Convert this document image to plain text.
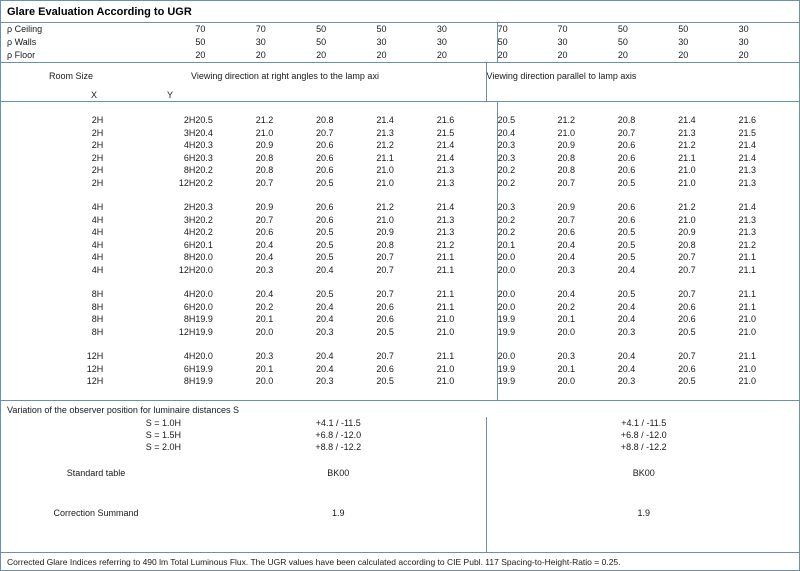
Glare Evaluation According to UGR
ρ Ceiling	70	70	50	50	30	70	70	50	50	30
ρ Walls	50	30	50	30	30	50	30	50	30	30
ρ Floor	20	20	20	20	20	20	20	20	20	20
Room Size		Viewing direction at right angles to the lamp axi	Viewing direction parallel to lamp axis
X	Y		

2H	2H	20.5	21.2	20.8	21.4	21.6	20.5	21.2	20.8	21.4	21.6
2H	3H	20.4	21.0	20.7	21.3	21.5	20.4	21.0	20.7	21.3	21.5
2H	4H	20.3	20.9	20.6	21.2	21.4	20.3	20.9	20.6	21.2	21.4
2H	6H	20.3	20.8	20.6	21.1	21.4	20.3	20.8	20.6	21.1	21.4
2H	8H	20.2	20.8	20.6	21.0	21.3	20.2	20.8	20.6	21.0	21.3
2H	12H	20.2	20.7	20.5	21.0	21.3	20.2	20.7	20.5	21.0	21.3

4H	2H	20.3	20.9	20.6	21.2	21.4	20.3	20.9	20.6	21.2	21.4
4H	3H	20.2	20.7	20.6	21.0	21.3	20.2	20.7	20.6	21.0	21.3
4H	4H	20.2	20.6	20.5	20.9	21.3	20.2	20.6	20.5	20.9	21.3
4H	6H	20.1	20.4	20.5	20.8	21.2	20.1	20.4	20.5	20.8	21.2
4H	8H	20.0	20.4	20.5	20.7	21.1	20.0	20.4	20.5	20.7	21.1
4H	12H	20.0	20.3	20.4	20.7	21.1	20.0	20.3	20.4	20.7	21.1

8H	4H	20.0	20.4	20.5	20.7	21.1	20.0	20.4	20.5	20.7	21.1
8H	6H	20.0	20.2	20.4	20.6	21.1	20.0	20.2	20.4	20.6	21.1
8H	8H	19.9	20.1	20.4	20.6	21.0	19.9	20.1	20.4	20.6	21.0
8H	12H	19.9	20.0	20.3	20.5	21.0	19.9	20.0	20.3	20.5	21.0

12H	4H	20.0	20.3	20.4	20.7	21.1	20.0	20.3	20.4	20.7	21.1
12H	6H	19.9	20.1	20.4	20.6	21.0	19.9	20.1	20.4	20.6	21.0
12H	8H	19.9	20.0	20.3	20.5	21.0	19.9	20.0	20.3	20.5	21.0

Variation of the observer position for luminaire distances S
S = 1.0H	+4.1 / -11.5	+4.1 / -11.5
S = 1.5H	+6.8 / -12.0	+6.8 / -12.0
S = 2.0H	+8.8 / -12.2	+8.8 / -12.2
Standard table	BK00	BK00
Correction Summand	1.9	1.9
Corrected Glare Indices referring to 490 lm Total Luminous Flux. The UGR values have been calculated according to CIE Publ. 117 Spacing-to-Height-Ratio = 0.25.
